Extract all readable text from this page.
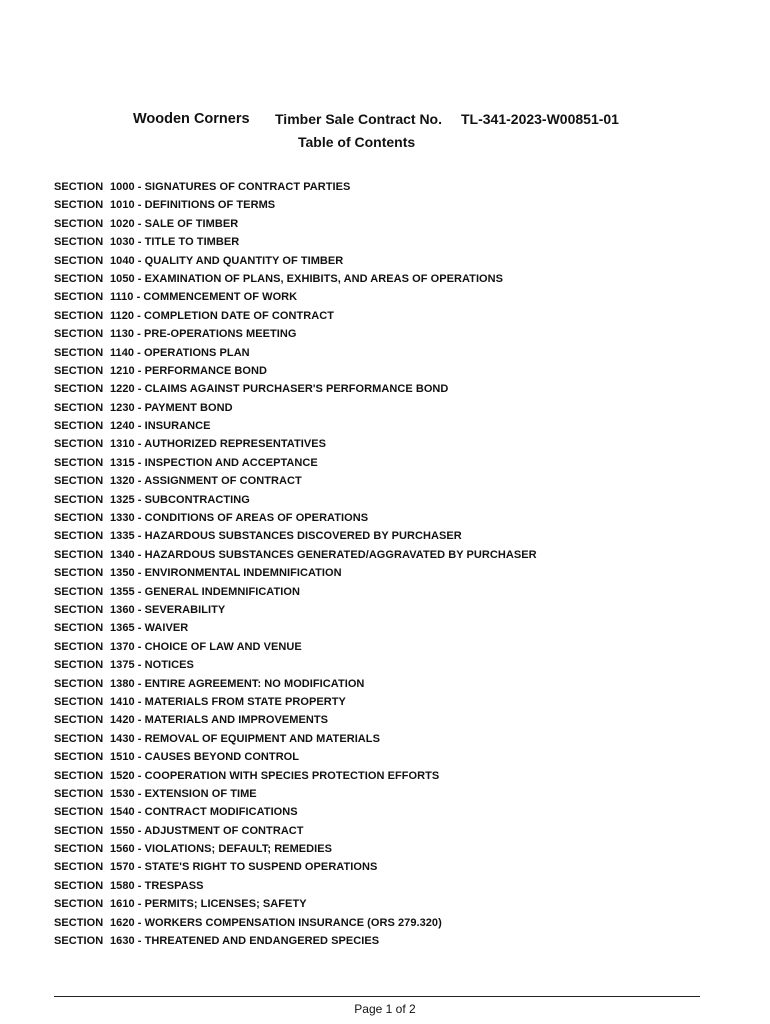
Wooden Corners Timber Sale Contract No. TL-341-2023-W00851-01
Table of Contents
SECTION 1000 - SIGNATURES OF CONTRACT PARTIES
SECTION 1010 - DEFINITIONS OF TERMS
SECTION 1020 - SALE OF TIMBER
SECTION 1030 - TITLE TO TIMBER
SECTION 1040 - QUALITY AND QUANTITY OF TIMBER
SECTION 1050 - EXAMINATION OF PLANS, EXHIBITS, AND AREAS OF OPERATIONS
SECTION 1110 - COMMENCEMENT OF WORK
SECTION 1120 - COMPLETION DATE OF CONTRACT
SECTION 1130 - PRE-OPERATIONS MEETING
SECTION 1140 - OPERATIONS PLAN
SECTION 1210 - PERFORMANCE BOND
SECTION 1220 - CLAIMS AGAINST PURCHASER'S PERFORMANCE BOND
SECTION 1230 - PAYMENT BOND
SECTION 1240 - INSURANCE
SECTION 1310 - AUTHORIZED REPRESENTATIVES
SECTION 1315 - INSPECTION AND ACCEPTANCE
SECTION 1320 - ASSIGNMENT OF CONTRACT
SECTION 1325 - SUBCONTRACTING
SECTION 1330 - CONDITIONS OF AREAS OF OPERATIONS
SECTION 1335 - HAZARDOUS SUBSTANCES DISCOVERED BY PURCHASER
SECTION 1340 - HAZARDOUS SUBSTANCES GENERATED/AGGRAVATED BY PURCHASER
SECTION 1350 - ENVIRONMENTAL INDEMNIFICATION
SECTION 1355 - GENERAL INDEMNIFICATION
SECTION 1360 - SEVERABILITY
SECTION 1365 - WAIVER
SECTION 1370 - CHOICE OF LAW AND VENUE
SECTION 1375 - NOTICES
SECTION 1380 - ENTIRE AGREEMENT: NO MODIFICATION
SECTION 1410 - MATERIALS FROM STATE PROPERTY
SECTION 1420 - MATERIALS AND IMPROVEMENTS
SECTION 1430 - REMOVAL OF EQUIPMENT AND MATERIALS
SECTION 1510 - CAUSES BEYOND CONTROL
SECTION 1520 - COOPERATION WITH SPECIES PROTECTION EFFORTS
SECTION 1530 - EXTENSION OF TIME
SECTION 1540 - CONTRACT MODIFICATIONS
SECTION 1550 - ADJUSTMENT OF CONTRACT
SECTION 1560 - VIOLATIONS; DEFAULT; REMEDIES
SECTION 1570 - STATE'S RIGHT TO SUSPEND OPERATIONS
SECTION 1580 - TRESPASS
SECTION 1610 - PERMITS; LICENSES; SAFETY
SECTION 1620 - WORKERS COMPENSATION INSURANCE (ORS 279.320)
SECTION 1630 - THREATENED AND ENDANGERED SPECIES
Page 1 of 2
